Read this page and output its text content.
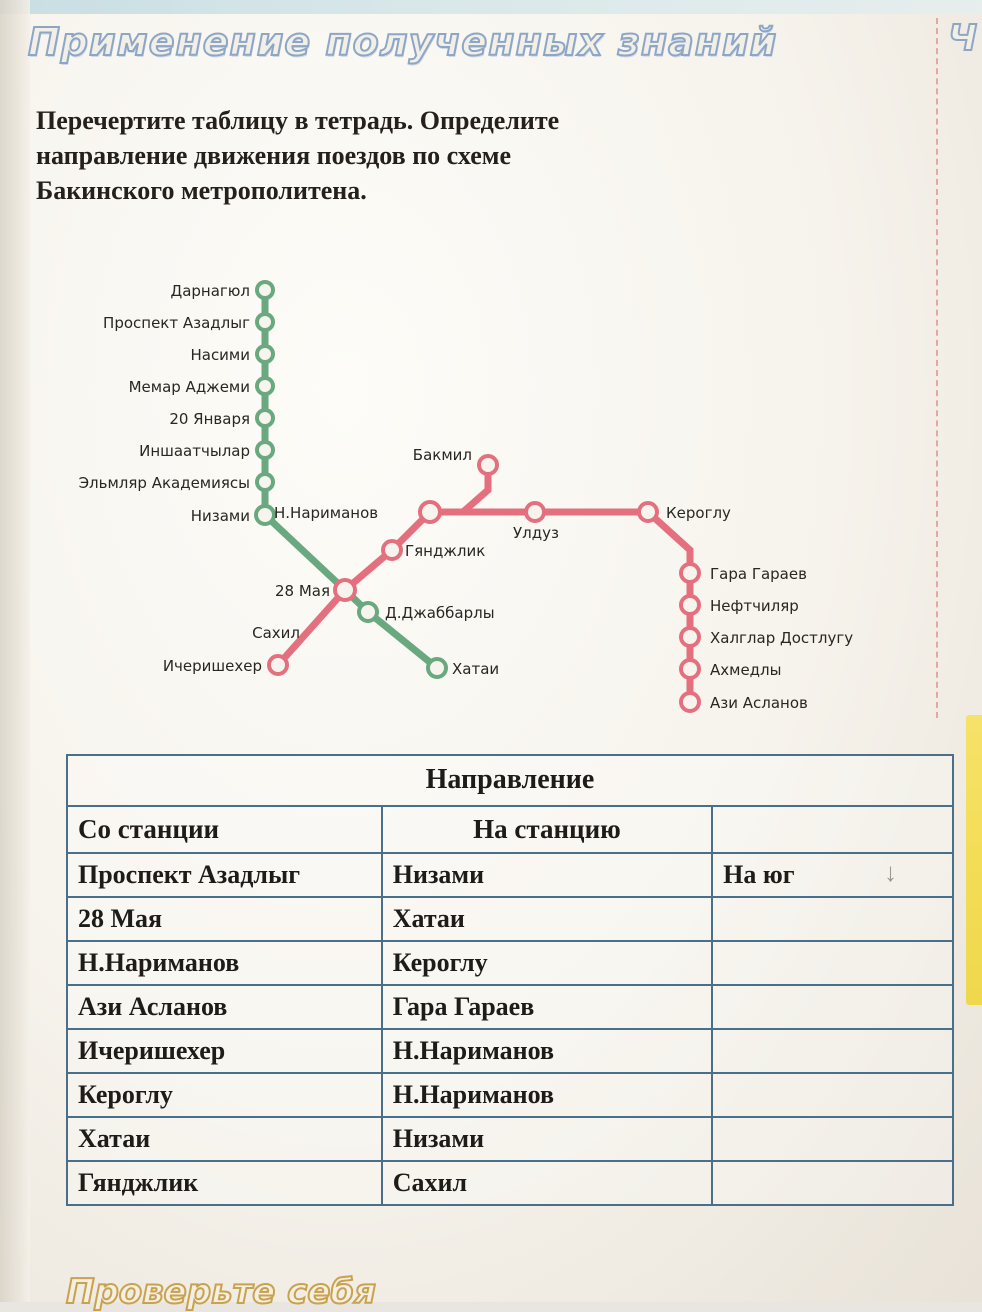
Применение полученных знаний	Ч
Перечертите таблицу в тетрадь. Определите направление движения поездов по схеме Бакинского метрополитена.
Дарнагюл
Проспект Азадлыг
Насими
Мемар Аджеми
20 Января
Иншаатчылар
Эльмляр Академиясы
Низами
28 Мая
Д.Джаббарлы
Хатаи
Ичеришехер
Сахил
Гянджлик
Н.Нариманов
Бакмил
Улдуз
Кероглу
Гара Гараев
Нефтчиляр
Халглар Достлугу
Ахмедлы
Ази Асланов
Направление		
Со станции	На станцию	
Проспект Азадлыг	Низами	На юг ↓

28 Мая	Хатаи	
Н.Нариманов	Кероглу	
Ази Асланов	Гара Гараев	
Ичеришехер	Н.Нариманов	
Кероглу	Н.Нариманов	
Хатаи	Низами	
Гянджлик	Сахил	
Проверьте себя
